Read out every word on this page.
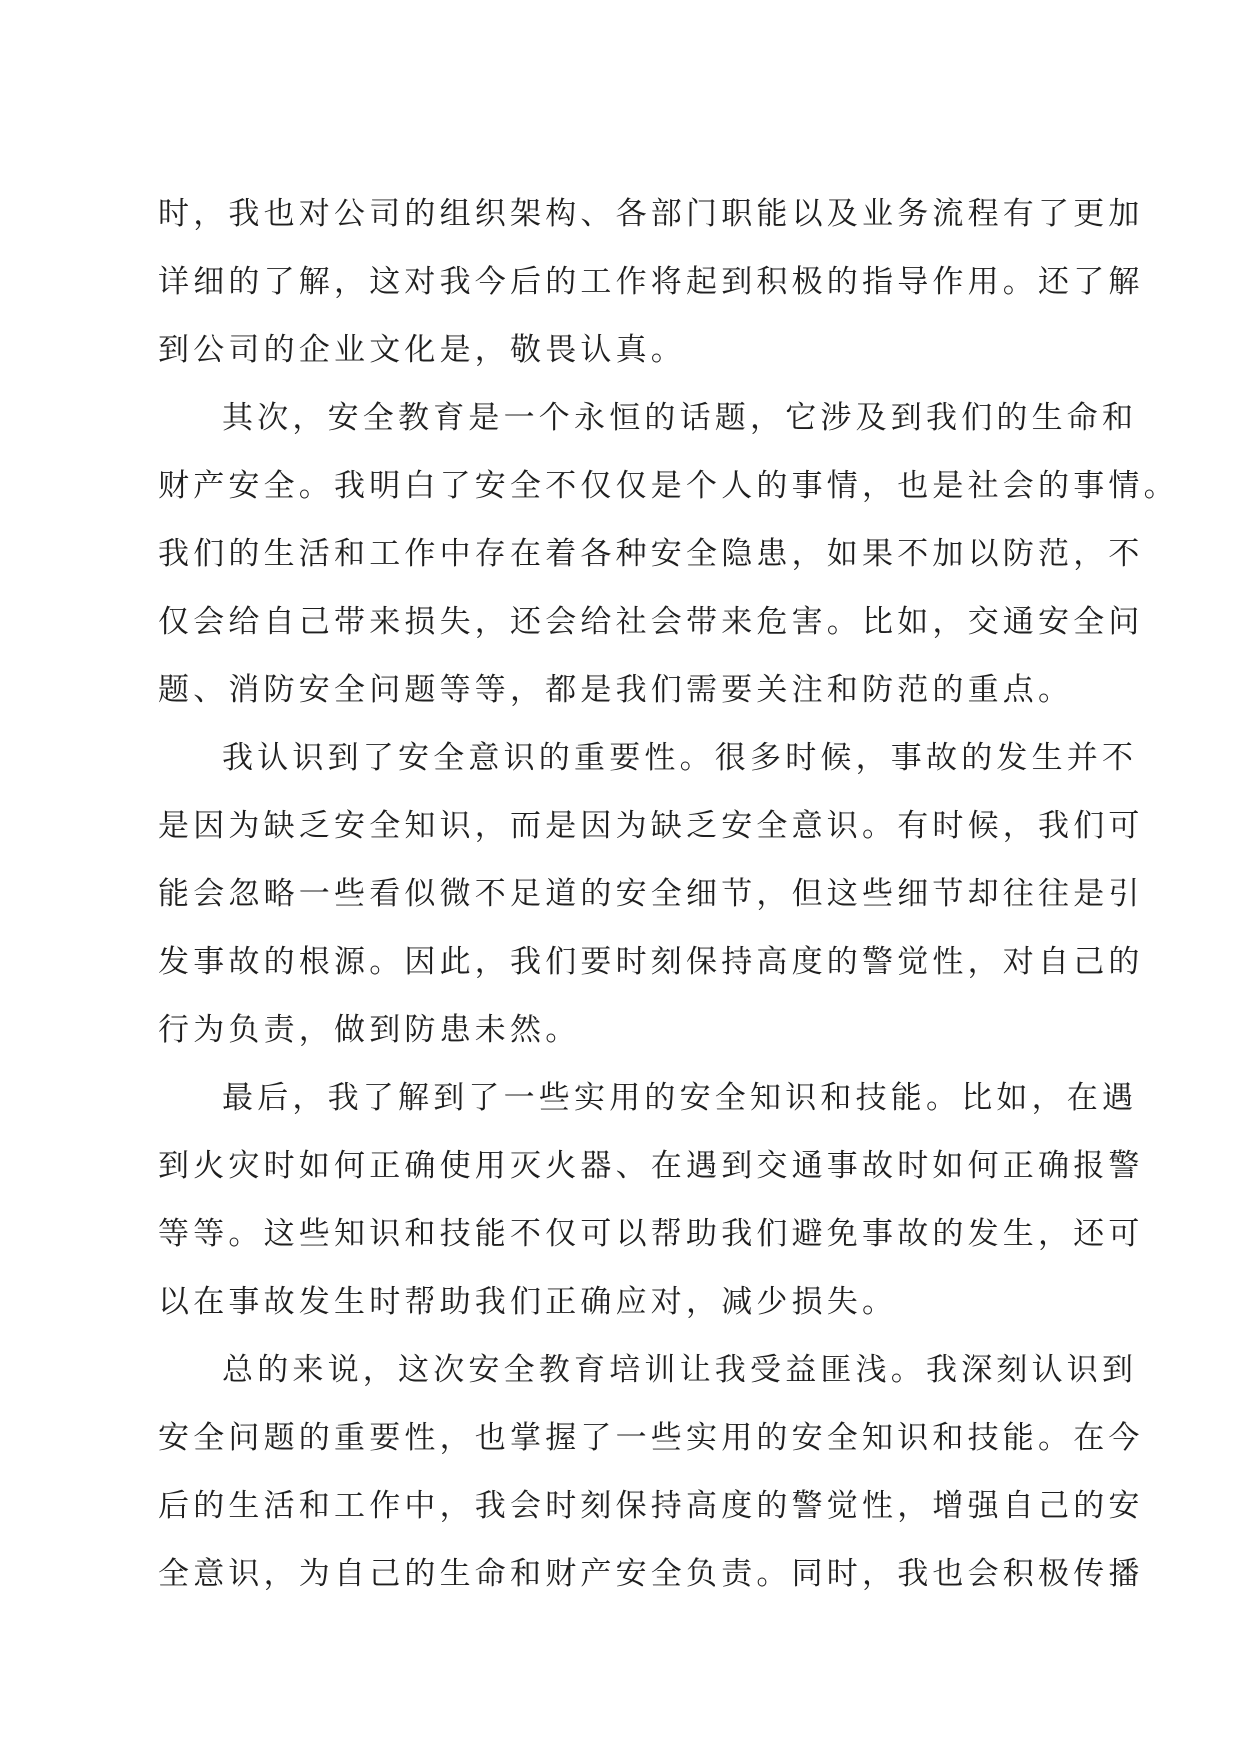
时，我也对公司的组织架构、各部门职能以及业务流程有了更加
详细的了解，这对我今后的工作将起到积极的指导作用。还了解
到公司的企业文化是，敬畏认真。

其次，安全教育是一个永恒的话题，它涉及到我们的生命和
财产安全。我明白了安全不仅仅是个人的事情，也是社会的事情。
我们的生活和工作中存在着各种安全隐患，如果不加以防范，不
仅会给自己带来损失，还会给社会带来危害。比如，交通安全问
题、消防安全问题等等，都是我们需要关注和防范的重点。

我认识到了安全意识的重要性。很多时候，事故的发生并不
是因为缺乏安全知识，而是因为缺乏安全意识。有时候，我们可
能会忽略一些看似微不足道的安全细节，但这些细节却往往是引
发事故的根源。因此，我们要时刻保持高度的警觉性，对自己的
行为负责，做到防患未然。

最后，我了解到了一些实用的安全知识和技能。比如，在遇
到火灾时如何正确使用灭火器、在遇到交通事故时如何正确报警
等等。这些知识和技能不仅可以帮助我们避免事故的发生，还可
以在事故发生时帮助我们正确应对，减少损失。

总的来说，这次安全教育培训让我受益匪浅。我深刻认识到
安全问题的重要性，也掌握了一些实用的安全知识和技能。在今
后的生活和工作中，我会时刻保持高度的警觉性，增强自己的安
全意识，为自己的生命和财产安全负责。同时，我也会积极传播
